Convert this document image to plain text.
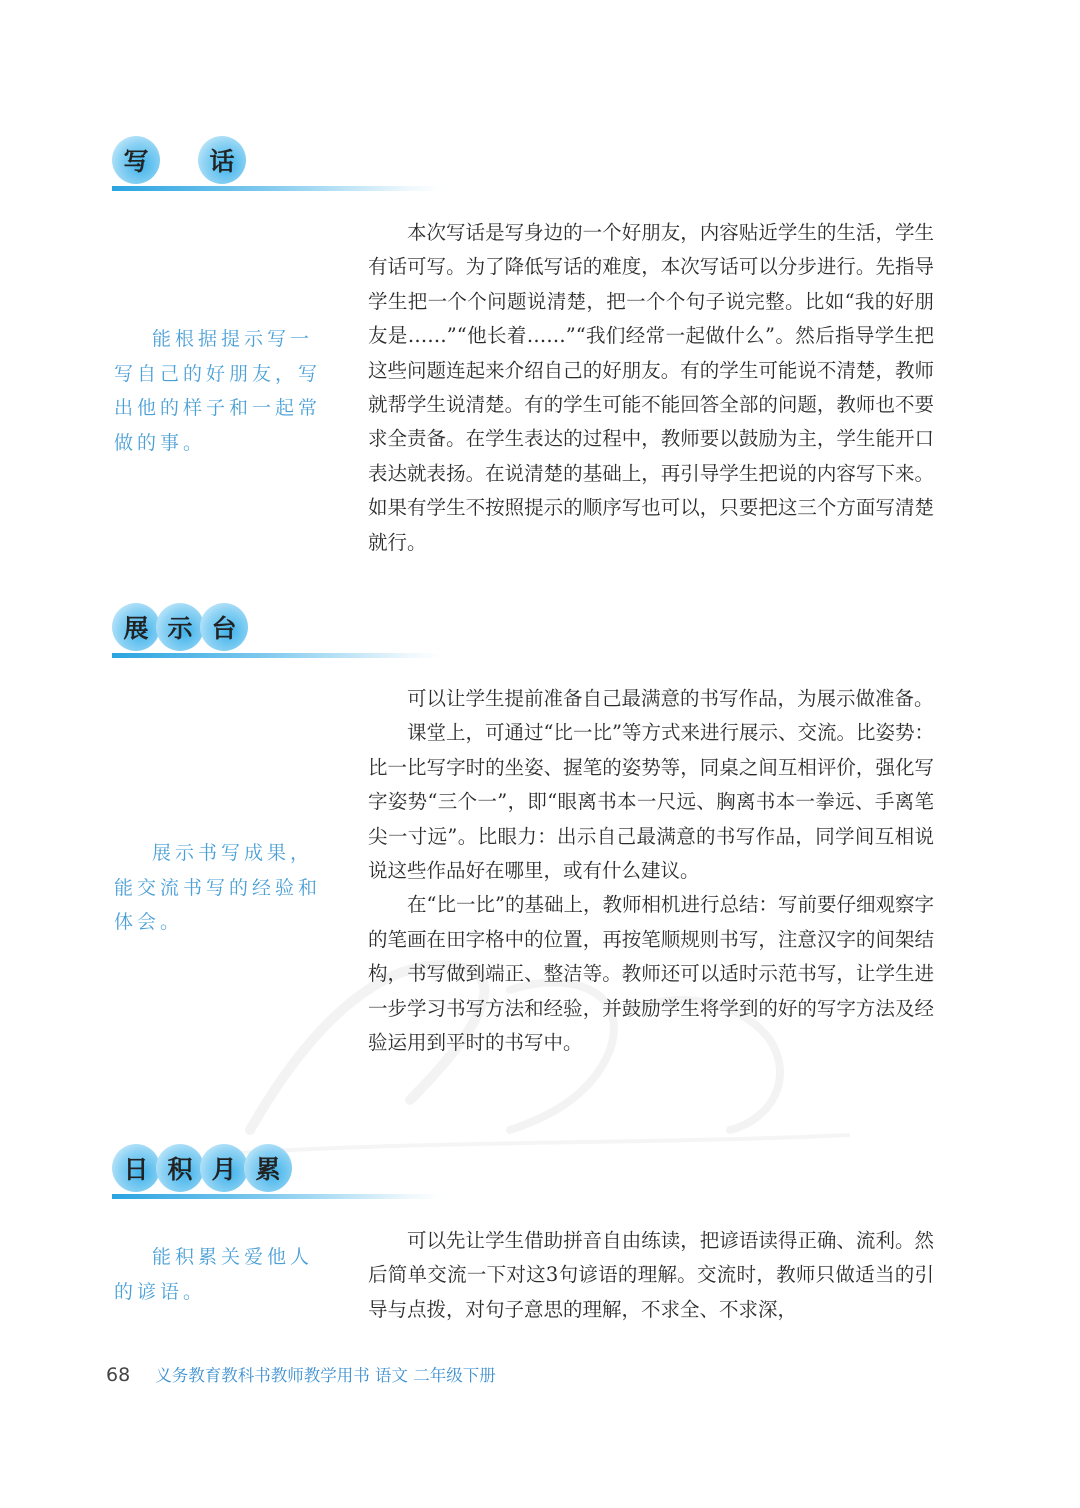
写	话
能根据提示写一写自己的好朋友，写出他的样子和一起常做的事。

本次写话是写身边的一个好朋友，内容贴近学生的生活，学生有话可写。为了降低写话的难度，本次写话可以分步进行。先指导学生把一个个问题说清楚，把一个个句子说完整。比如“我的好朋友是……”“他长着……”“我们经常一起做什么”。然后指导学生把这些问题连起来介绍自己的好朋友。有的学生可能说不清楚，教师就帮学生说清楚。有的学生可能不能回答全部的问题，教师也不要求全责备。在学生表达的过程中，教师要以鼓励为主，学生能开口表达就表扬。在说清楚的基础上，再引导学生把说的内容写下来。如果有学生不按照提示的顺序写也可以，只要把这三个方面写清楚就行。

展 示 台
展示书写成果，能交流书写的经验和体会。

可以让学生提前准备自己最满意的书写作品，为展示做准备。

课堂上，可通过“比一比”等方式来进行展示、交流。比姿势：比一比写字时的坐姿、握笔的姿势等，同桌之间互相评价，强化写字姿势“三个一”，即“眼离书本一尺远、胸离书本一拳远、手离笔尖一寸远”。比眼力：出示自己最满意的书写作品，同学间互相说说这些作品好在哪里，或有什么建议。

在“比一比”的基础上，教师相机进行总结：写前要仔细观察字的笔画在田字格中的位置，再按笔顺规则书写，注意汉字的间架结构，书写做到端正、整洁等。教师还可以适时示范书写，让学生进一步学习书写方法和经验，并鼓励学生将学到的好的写字方法及经验运用到平时的书写中。

日 积 月 累
能积累关爱他人的谚语。

可以先让学生借助拼音自由练读，把谚语读得正确、流利。然后简单交流一下对这3句谚语的理解。交流时，教师只做适当的引导与点拨，对句子意思的理解，不求全、不求深，

68 义务教育教科书教师教学用书 语文 二年级下册
